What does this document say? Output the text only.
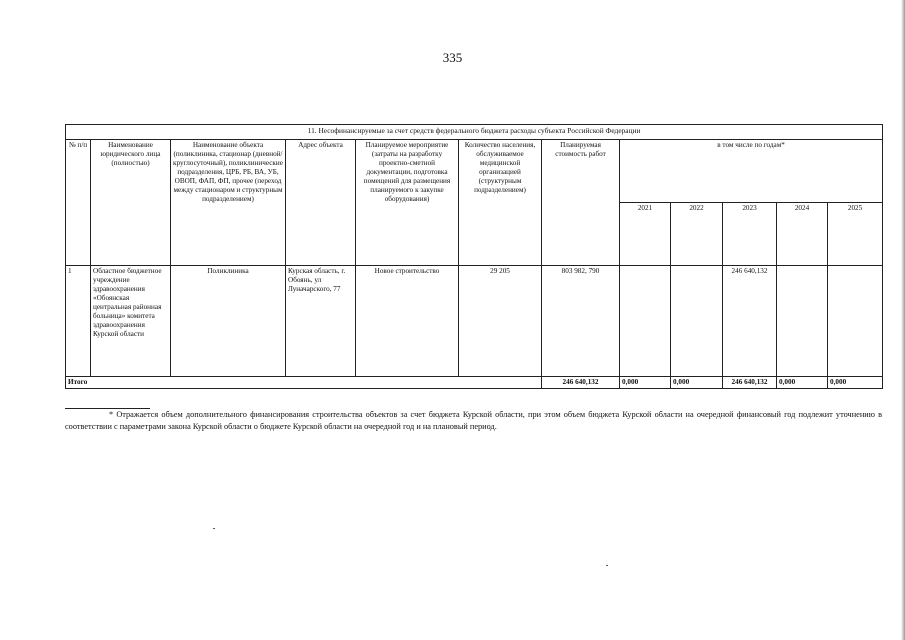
335
11. Несофинансируемые за счет средств федерального бюджета расходы субъекта Российской Федерации											
№ п/п	Наименование юридического лица (полностью)	Наименование объекта (поликлиника, стационар (дневной/ круглосуточный), поликлинические подразделения, ЦРБ, РБ, ВА, УБ, ОВОП, ФАП, ФП, прочее (переход между стационаром и структурным подразделением)	Адрес объекта	Планируемое мероприятие (затраты на разработку проектно-сметной документации, подготовка помещений для размещения планируемого к закупке оборудования)	Количество населения, обслуживаемое медицинской организацией (структурным подразделением)	Планируемая стоимость работ	в том числе по годам*				
							2021	2022	2023	2024	2025
1	Областное бюджетное учреждение здравоохранения «Обоянская центральная районная больница» комитета здравоохранения Курской области	Поликлиника	Курская область, г. Обоянь, ул Луначарского, 77	Новое строительство	29 205	803 982, 790			246 640,132		
Итого						246 640,132	0,000	0,000	246 640,132	0,000	0,000
* Отражается объем дополнительного финансирования строительства объектов за счет бюджета Курской области, при этом объем бюджета Курской области на очередной финансовый год подлежит уточнению в соответствии с параметрами закона Курской области о бюджете Курской области на очередной год и на плановый период.
